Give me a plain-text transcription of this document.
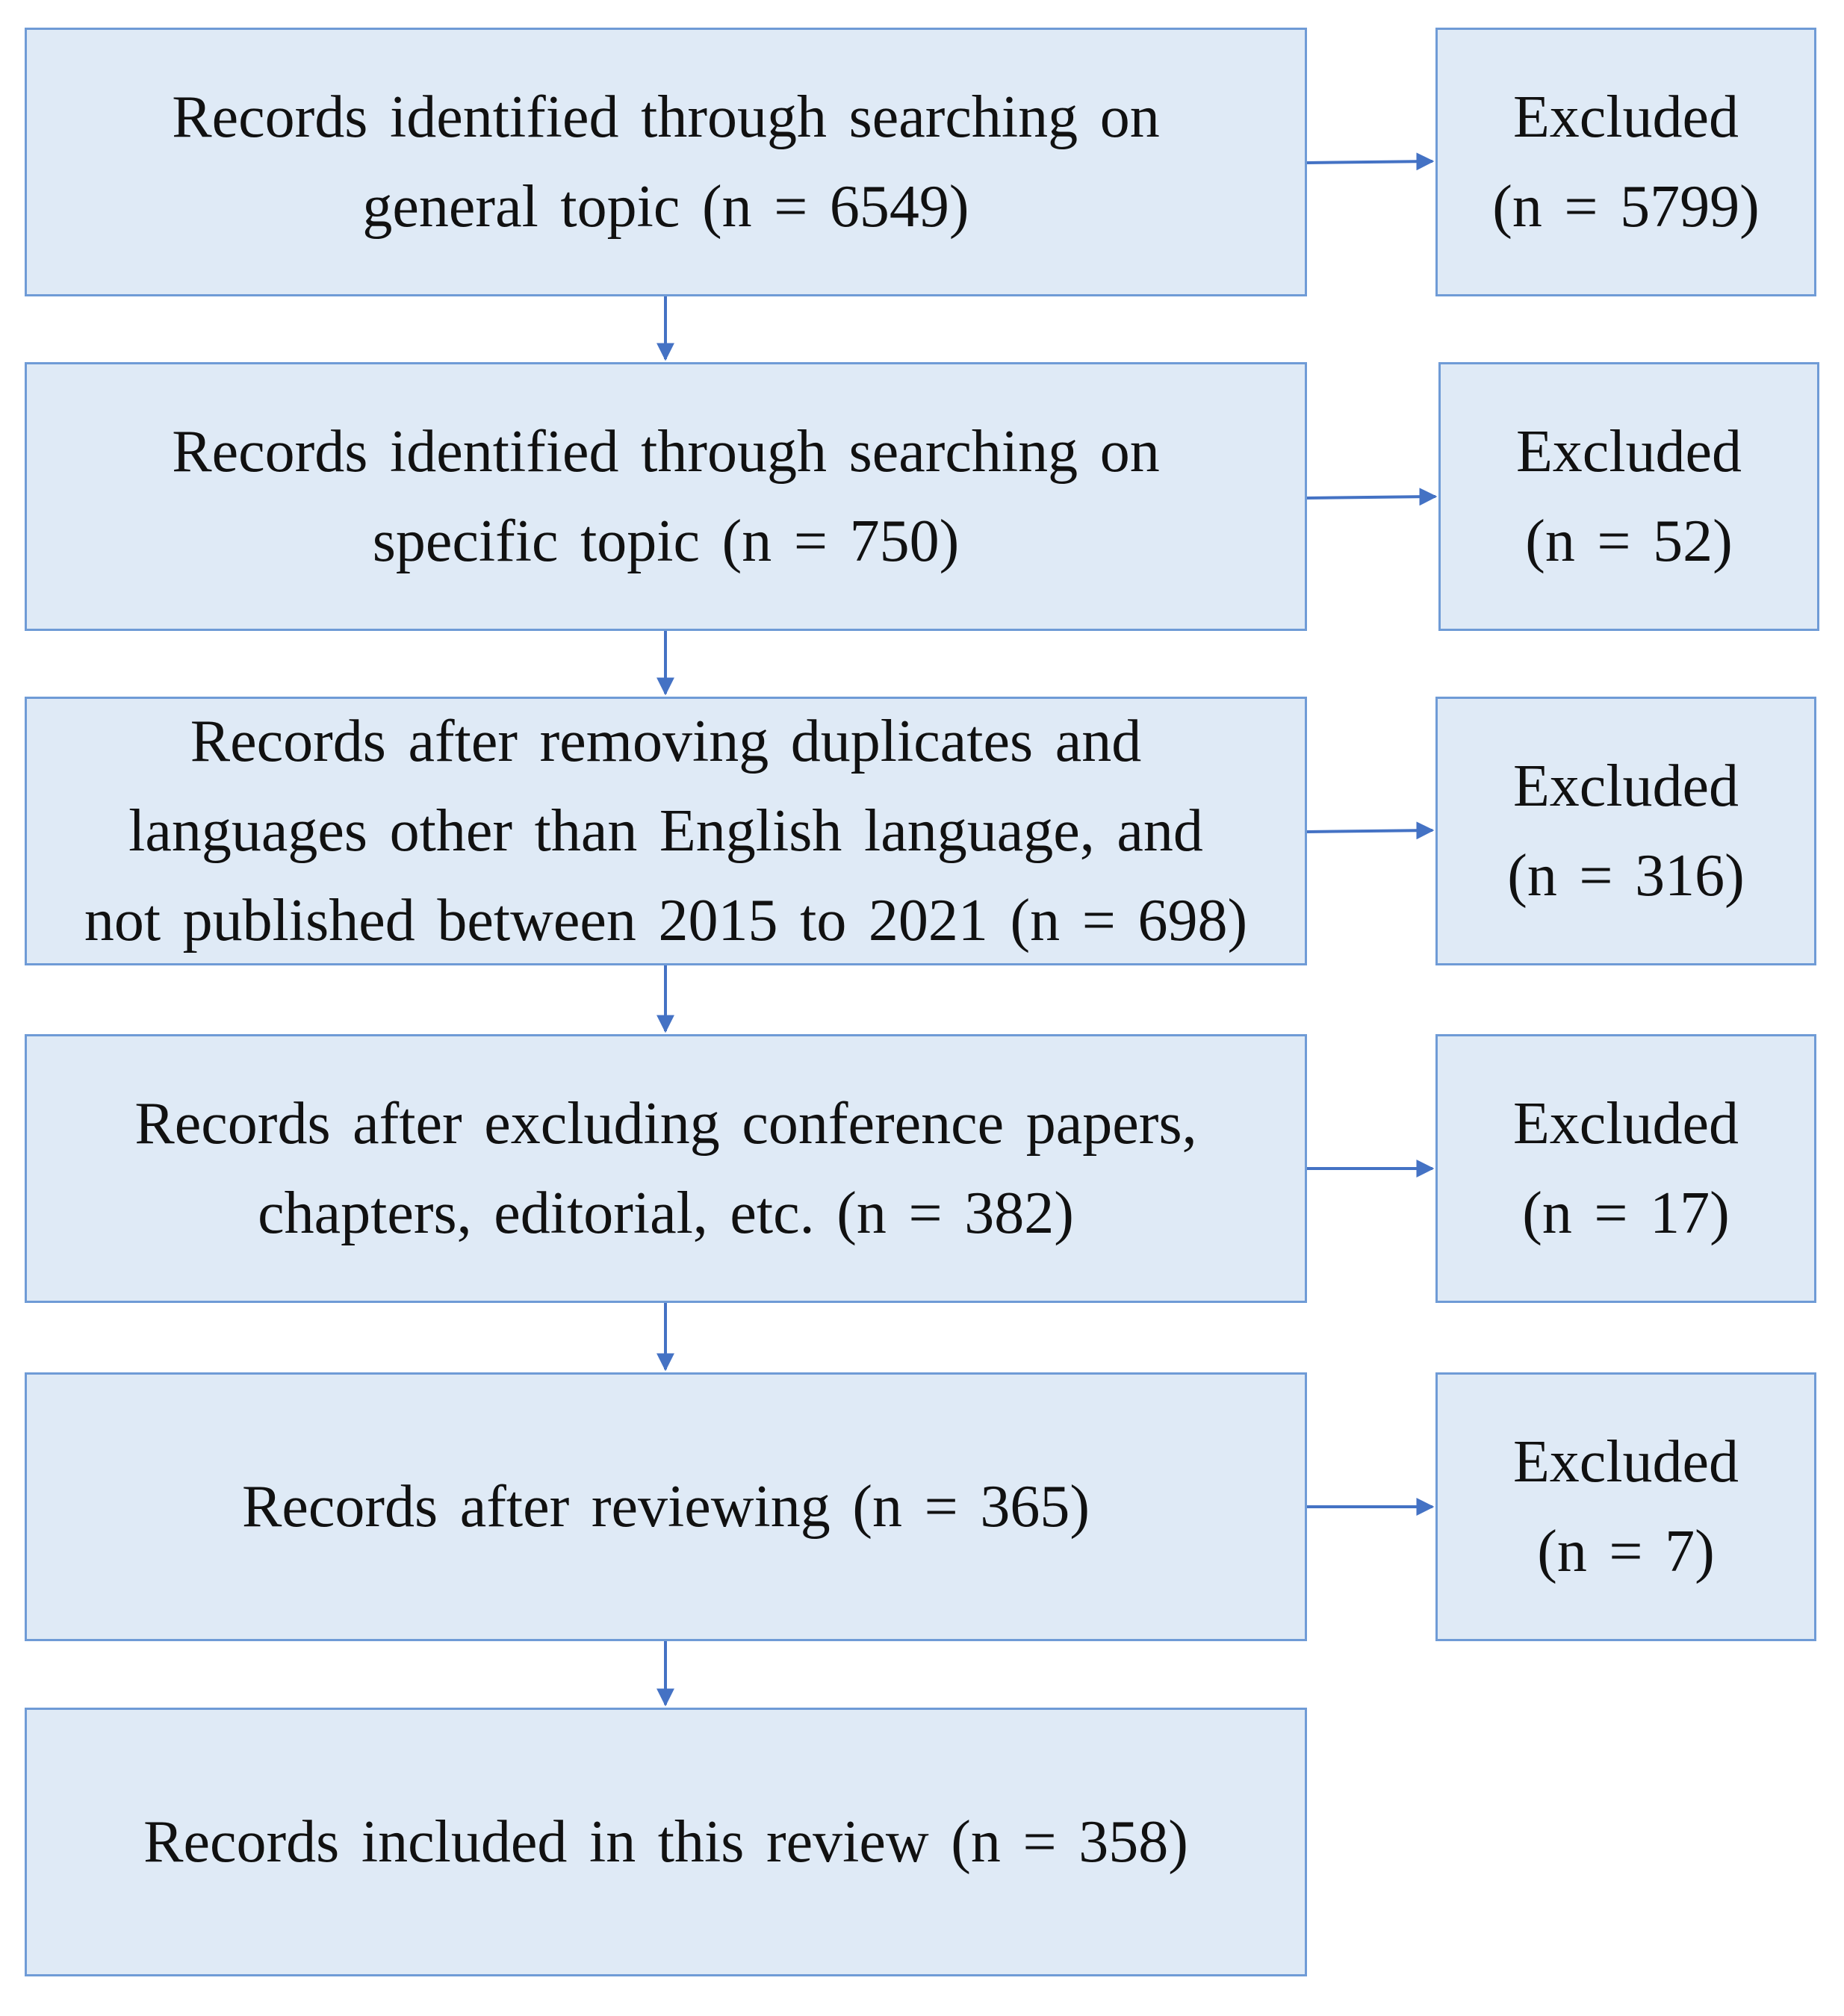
Records identified through searching on
general topic (n = 6549)
Records identified through searching on
specific topic (n = 750)
Records after removing duplicates and
languages other than English language, and
not published between 2015 to 2021 (n = 698)
Records after excluding conference papers,
chapters, editorial, etc. (n = 382)
Records after reviewing (n = 365)
Records included in this review (n = 358)
Excluded
(n = 5799)
Excluded
(n = 52)
Excluded
(n = 316)
Excluded
(n = 17)
Excluded
(n = 7)
